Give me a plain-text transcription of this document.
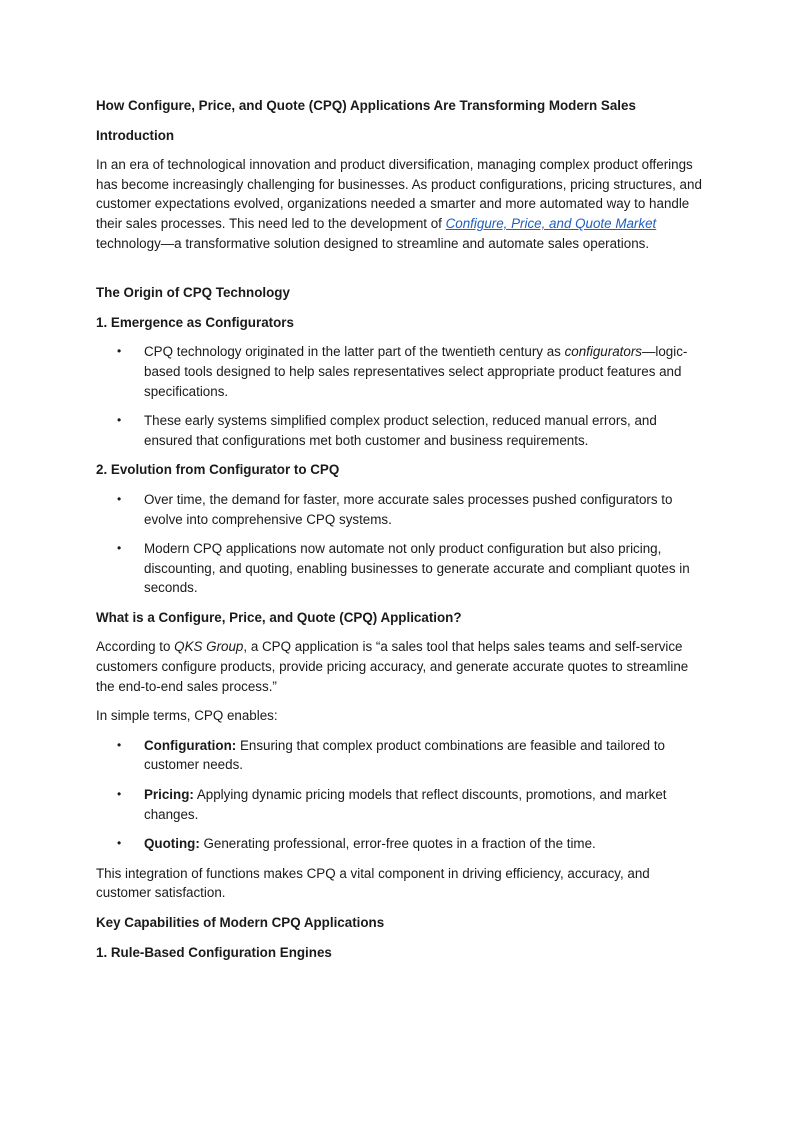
How Configure, Price, and Quote (CPQ) Applications Are Transforming Modern Sales

Introduction

In an era of technological innovation and product diversification, managing complex product offerings has become increasingly challenging for businesses. As product configurations, pricing structures, and customer expectations evolved, organizations needed a smarter and more automated way to handle their sales processes. This need led to the development of Configure, Price, and Quote Market technology—a transformative solution designed to streamline and automate sales operations.

The Origin of CPQ Technology

1. Emergence as Configurators

• CPQ technology originated in the latter part of the twentieth century as configurators—logic-based tools designed to help sales representatives select appropriate product features and specifications.
• These early systems simplified complex product selection, reduced manual errors, and ensured that configurations met both customer and business requirements.

2. Evolution from Configurator to CPQ

• Over time, the demand for faster, more accurate sales processes pushed configurators to evolve into comprehensive CPQ systems.
• Modern CPQ applications now automate not only product configuration but also pricing, discounting, and quoting, enabling businesses to generate accurate and compliant quotes in seconds.

What is a Configure, Price, and Quote (CPQ) Application?

According to QKS Group, a CPQ application is “a sales tool that helps sales teams and self-service customers configure products, provide pricing accuracy, and generate accurate quotes to streamline the end-to-end sales process.”

In simple terms, CPQ enables:

• Configuration: Ensuring that complex product combinations are feasible and tailored to customer needs.
• Pricing: Applying dynamic pricing models that reflect discounts, promotions, and market changes.
• Quoting: Generating professional, error-free quotes in a fraction of the time.

This integration of functions makes CPQ a vital component in driving efficiency, accuracy, and customer satisfaction.

Key Capabilities of Modern CPQ Applications

1. Rule-Based Configuration Engines
